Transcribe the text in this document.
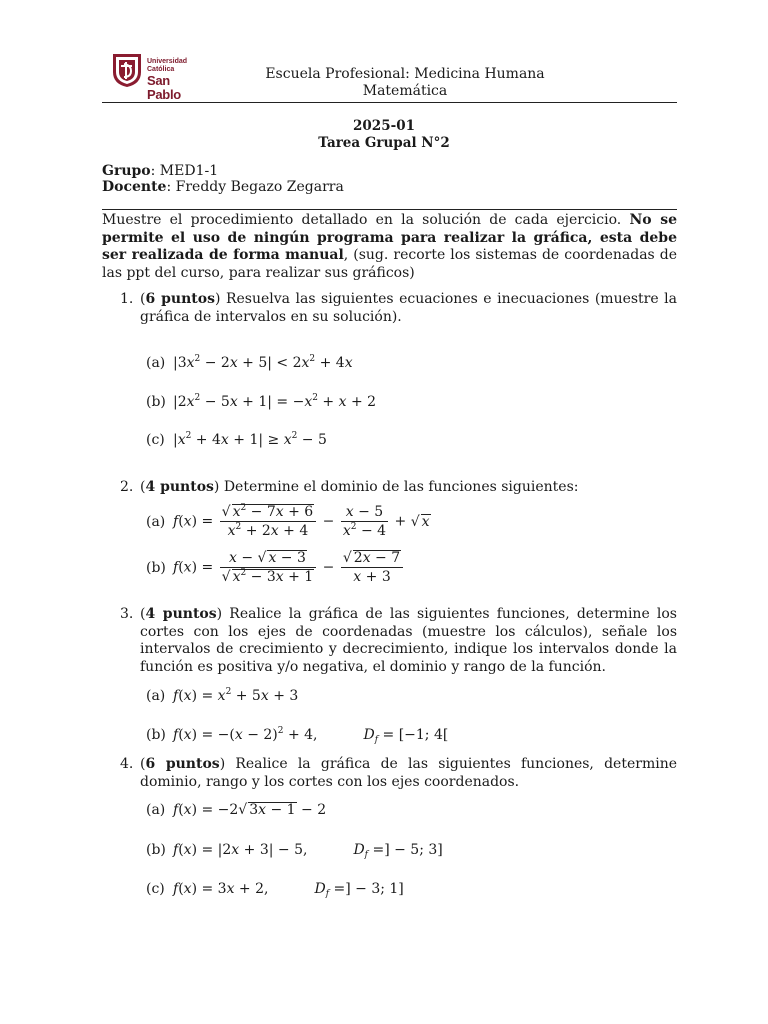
Universidad Católica
San Pablo
Escuela Profesional: Medicina Humana
Matemática
2025-01
Tarea Grupal N°2
Grupo: MED1-1
Docente: Freddy Begazo Zegarra
Muestre el procedimiento detallado en la solución de cada ejercicio. No se permite el uso de ningún programa para realizar la gráfica, esta debe ser realizada de forma manual, (sug. recorte los sistemas de coordenadas de las ppt del curso, para realizar sus gráficos)
1. (6 puntos) Resuelva las siguientes ecuaciones e inecuaciones (muestre la gráfica de intervalos en su solución).
(a) $|3x^2 - 2x + 5| < 2x^2 + 4x$
(b) $|2x^2 - 5x + 1| = -x^2 + x + 2$
(c) $|x^2 + 4x + 1| \ge x^2 - 5$
2. (4 puntos) Determine el dominio de las funciones siguientes:
(a) $f(x) = \frac{√ x^2 - 7x + 6}{x^2 + 2x + 4} - \frac{x - 5}{x^2 - 4}$ + √ x
(b) $f(x) = \frac{x - √ x - 3}{√ x^2 - 3x + 1} - \frac{√ 2x - 7}{x + 3}$
3. (4 puntos) Realice la gráfica de las siguientes funciones, determine los cortes con los ejes de coordenadas (muestre los cálculos), señale los intervalos de crecimiento y decrecimiento, indique los intervalos donde la función es positiva y/o negativa, el dominio y rango de la función.
(a) $f(x) = x^2 + 5x + 3$
(b) $f(x) = -(x - 2)^2 + 4$,	$D_f = [-1$; 4[
4. (6 puntos) Realice la gráfica de las siguientes funciones, determine dominio, rango y los cortes con los ejes coordenados.
(a) f(x) = −2√ 3x − 1 − 2
(b) f(x) = |2x + 3| − 5,	$D_f$ =] − 5; 3]
(c) f(x) = 3x + 2,	$D_f$ =] − 3; 1]
